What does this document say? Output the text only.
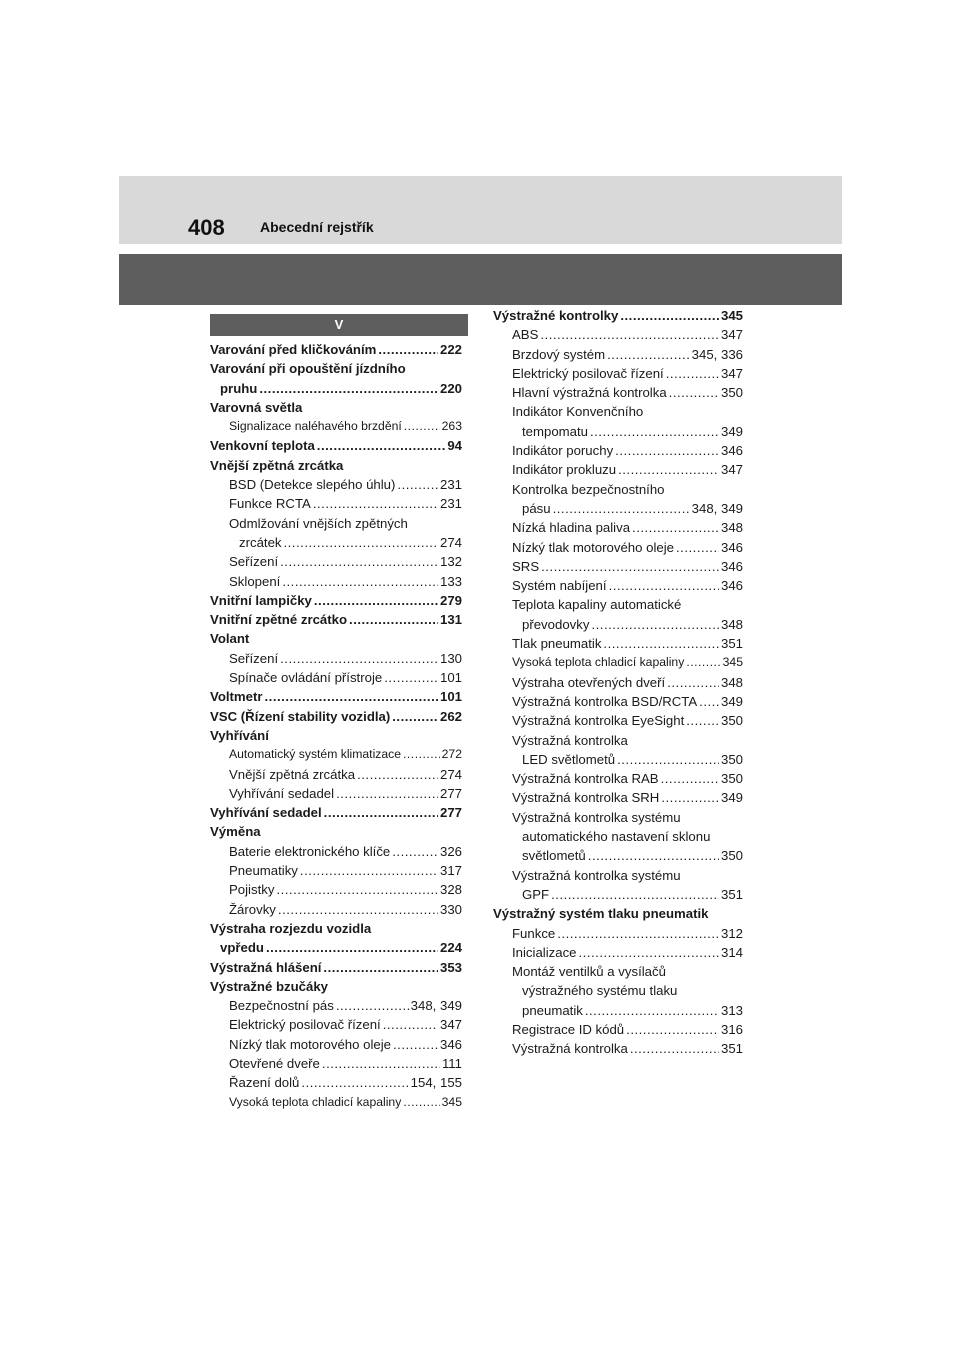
408	Abecední rejstřík
V
Varování před kličkováním .....	222
Varování při opouštění jízdního
pruhu .....	220
Varovná světla
Signalizace naléhavého brzdění .....	263
Venkovní teplota .....	94
Vnější zpětná zrcátka
BSD (Detekce slepého úhlu) .....	231
Funkce RCTA .....	231
Odmlžování vnějších zpětných
zrcátek .....	274
Seřízení .....	132
Sklopení .....	133
Vnitřní lampičky .....	279
Vnitřní zpětné zrcátko .....	131
Volant
Seřízení .....	130
Spínače ovládání přístroje .....	101
Voltmetr .....	101
VSC (Řízení stability vozidla) .....	262
Vyhřívání
Automatický systém klimatizace .....	272
Vnější zpětná zrcátka .....	274
Vyhřívání sedadel .....	277
Vyhřívání sedadel .....	277
Výměna
Baterie elektronického klíče .....	326
Pneumatiky .....	317
Pojistky .....	328
Žárovky .....	330
Výstraha rozjezdu vozidla
vpředu .....	224
Výstražná hlášení .....	353
Výstražné bzučáky
Bezpečnostní pás .....	348, 349
Elektrický posilovač řízení .....	347
Nízký tlak motorového oleje .....	346
Otevřené dveře .....	111
Řazení dolů .....	154, 155
Vysoká teplota chladicí kapaliny .....	345
Výstražné kontrolky .....	345
ABS .....	347
Brzdový systém .....	345, 336
Elektrický posilovač řízení .....	347
Hlavní výstražná kontrolka .....	350
Indikátor Konvenčního
tempomatu .....	349
Indikátor poruchy .....	346
Indikátor prokluzu .....	347
Kontrolka bezpečnostního
pásu .....	348, 349
Nízká hladina paliva .....	348
Nízký tlak motorového oleje .....	346
SRS .....	346
Systém nabíjení .....	346
Teplota kapaliny automatické
převodovky .....	348
Tlak pneumatik .....	351
Vysoká teplota chladicí kapaliny .....	345
Výstraha otevřených dveří .....	348
Výstražná kontrolka BSD/RCTA ..... 349
Výstražná kontrolka EyeSight .....	350
Výstražná kontrolka
LED světlometů .....	350
Výstražná kontrolka RAB .....	350
Výstražná kontrolka SRH .....	349
Výstražná kontrolka systému
automatického nastavení sklonu
světlometů .....	350
Výstražná kontrolka systému
GPF .....	351
Výstražný systém tlaku pneumatik
Funkce .....	312
Inicializace .....	314
Montáž ventilků a vysílačů
výstražného systému tlaku
pneumatik .....	313
Registrace ID kódů .....	316
Výstražná kontrolka .....	351
